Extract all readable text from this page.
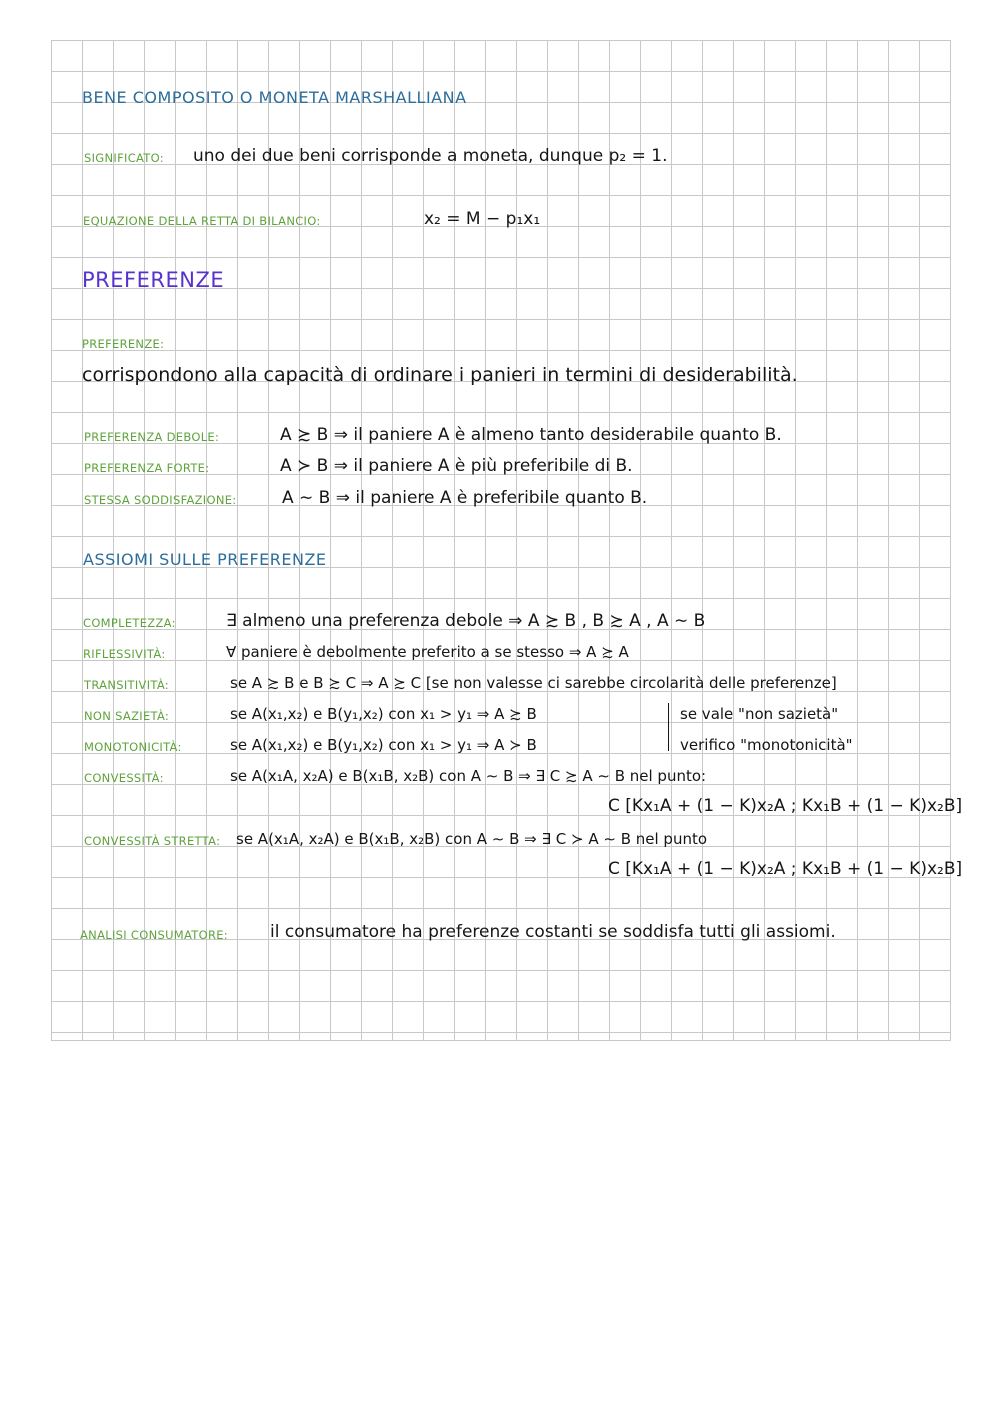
BENE COMPOSITO O MONETA MARSHALLIANA
SIGNIFICATO: uno dei due beni corrisponde a moneta, dunque p₂ = 1.
EQUAZIONE DELLA RETTA DI BILANCIO:	x₂ = M − p₁x₁
PREFERENZE
PREFERENZE:
corrispondono alla capacità di ordinare i panieri in termini di desiderabilità.
PREFERENZA DEBOLE:	A ≿ B ⇒ il paniere A è almeno tanto desiderabile quanto B.
PREFERENZA FORTE:	A ≻ B ⇒ il paniere A è più preferibile di B.
STESSA SODDISFAZIONE:	A ∼ B ⇒ il paniere A è preferibile quanto B.
ASSIOMI SULLE PREFERENZE
COMPLETEZZA:	∃ almeno una preferenza debole ⇒ A ≿ B , B ≿ A , A ∼ B
RIFLESSIVITÀ:	∀ paniere è debolmente preferito a se stesso ⇒ A ≿ A
TRANSITIVITÀ:	se A ≿ B e B ≿ C ⇒ A ≿ C [se non valesse ci sarebbe circolarità delle preferenze]
NON SAZIETÀ:	se A(x₁,x₂) e B(y₁,x₂) con x₁ > y₁ ⇒ A ≿ B	se vale "non sazietà"
MONOTONICITÀ:	se A(x₁,x₂) e B(y₁,x₂) con x₁ > y₁ ⇒ A ≻ B	verifico "monotonicità"
CONVESSITÀ:	se A(x₁A, x₂A) e B(x₁B, x₂B) con A ∼ B ⇒ ∃ C ≿ A ∼ B nel punto:
C [Kx₁A + (1 − K)x₂A ; Kx₁B + (1 − K)x₂B]
CONVESSITÀ STRETTA: se A(x₁A, x₂A) e B(x₁B, x₂B) con A ∼ B ⇒ ∃ C ≻ A ∼ B nel punto
C [Kx₁A + (1 − K)x₂A ; Kx₁B + (1 − K)x₂B]
ANALISI CONSUMATORE: il consumatore ha preferenze costanti se soddisfa tutti gli assiomi.
